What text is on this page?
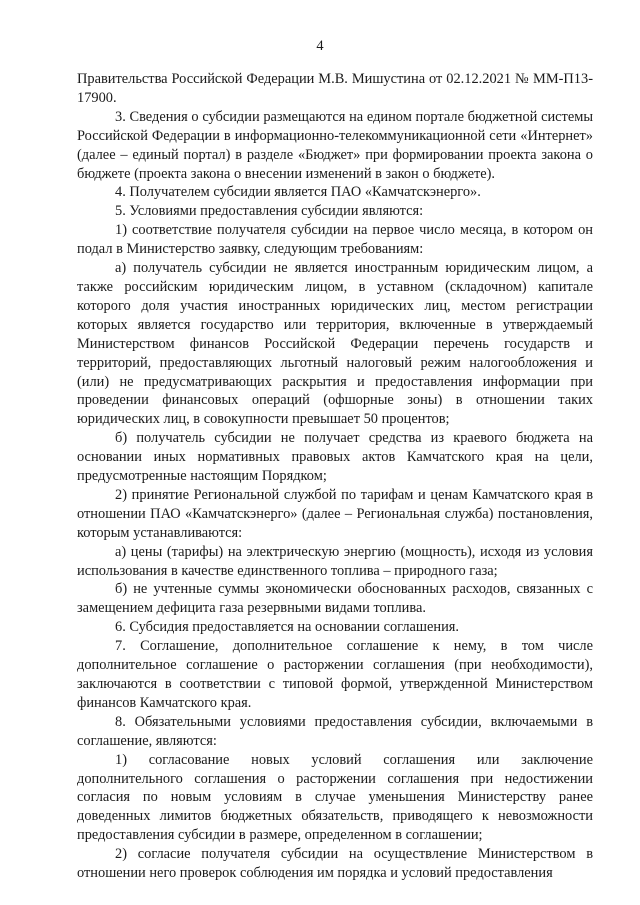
4

Правительства Российской Федерации М.В. Мишустина от 02.12.2021 № ММ-П13-17900.

3. Сведения о субсидии размещаются на едином портале бюджетной системы Российской Федерации в информационно-телекоммуникационной сети «Интернет» (далее – единый портал) в разделе «Бюджет» при формировании проекта закона о бюджете (проекта закона о внесении изменений в закон о бюджете).

4. Получателем субсидии является ПАО «Камчатскэнерго».

5. Условиями предоставления субсидии являются:

1) соответствие получателя субсидии на первое число месяца, в котором он подал в Министерство заявку, следующим требованиям:

а) получатель субсидии не является иностранным юридическим лицом, а также российским юридическим лицом, в уставном (складочном) капитале которого доля участия иностранных юридических лиц, местом регистрации которых является государство или территория, включенные в утверждаемый Министерством финансов Российской Федерации перечень государств и территорий, предоставляющих льготный налоговый режим налогообложения и (или) не предусматривающих раскрытия и предоставления информации при проведении финансовых операций (офшорные зоны) в отношении таких юридических лиц, в совокупности превышает 50 процентов;

б) получатель субсидии не получает средства из краевого бюджета на основании иных нормативных правовых актов Камчатского края на цели, предусмотренные настоящим Порядком;

2) принятие Региональной службой по тарифам и ценам Камчатского края в отношении ПАО «Камчатскэнерго» (далее – Региональная служба) постановления, которым устанавливаются:

а) цены (тарифы) на электрическую энергию (мощность), исходя из условия использования в качестве единственного топлива – природного газа;

б) не учтенные суммы экономически обоснованных расходов, связанных с замещением дефицита газа резервными видами топлива.

6. Субсидия предоставляется на основании соглашения.

7. Соглашение, дополнительное соглашение к нему, в том числе дополнительное соглашение о расторжении соглашения (при необходимости), заключаются в соответствии с типовой формой, утвержденной Министерством финансов Камчатского края.

8. Обязательными условиями предоставления субсидии, включаемыми в соглашение, являются:

1) согласование новых условий соглашения или заключение дополнительного соглашения о расторжении соглашения при недостижении согласия по новым условиям в случае уменьшения Министерству ранее доведенных лимитов бюджетных обязательств, приводящего к невозможности предоставления субсидии в размере, определенном в соглашении;

2) согласие получателя субсидии на осуществление Министерством в отношении него проверок соблюдения им порядка и условий предоставления
